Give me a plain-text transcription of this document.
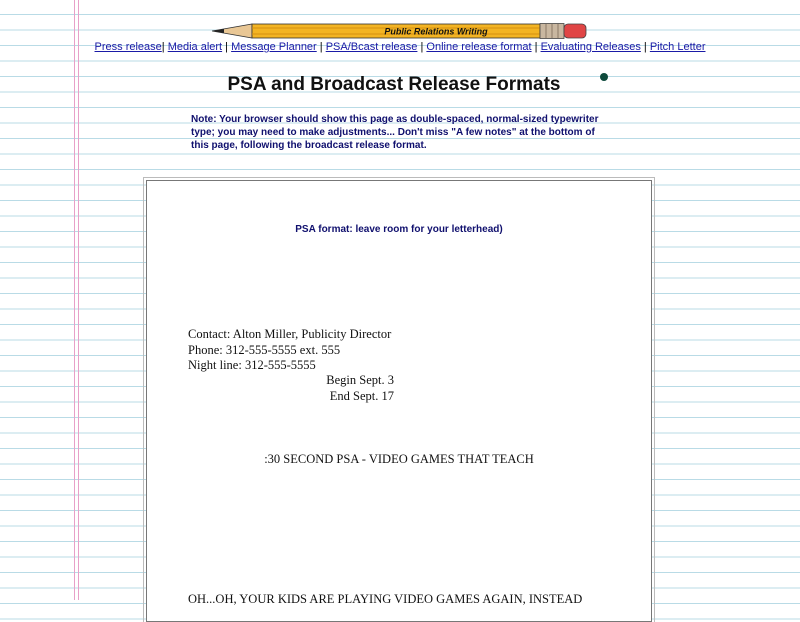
Public Relations Writing
Press release| Media alert | Message Planner | PSA/Bcast release | Online release format | Evaluating Releases | Pitch Letter
PSA and Broadcast Release Formats
Note: Your browser should show this page as double-spaced, normal-sized typewriter type; you may need to make adjustments... Don't miss "A few notes" at the bottom of this page, following the broadcast release format.
PSA format: leave room for your letterhead)
Contact: Alton Miller, Publicity Director
Phone: 312-555-5555 ext. 555
Night line: 312-555-5555
Begin Sept. 3
End Sept. 17
:30 SECOND PSA - VIDEO GAMES THAT TEACH
OH...OH, YOUR KIDS ARE PLAYING VIDEO GAMES AGAIN, INSTEAD
